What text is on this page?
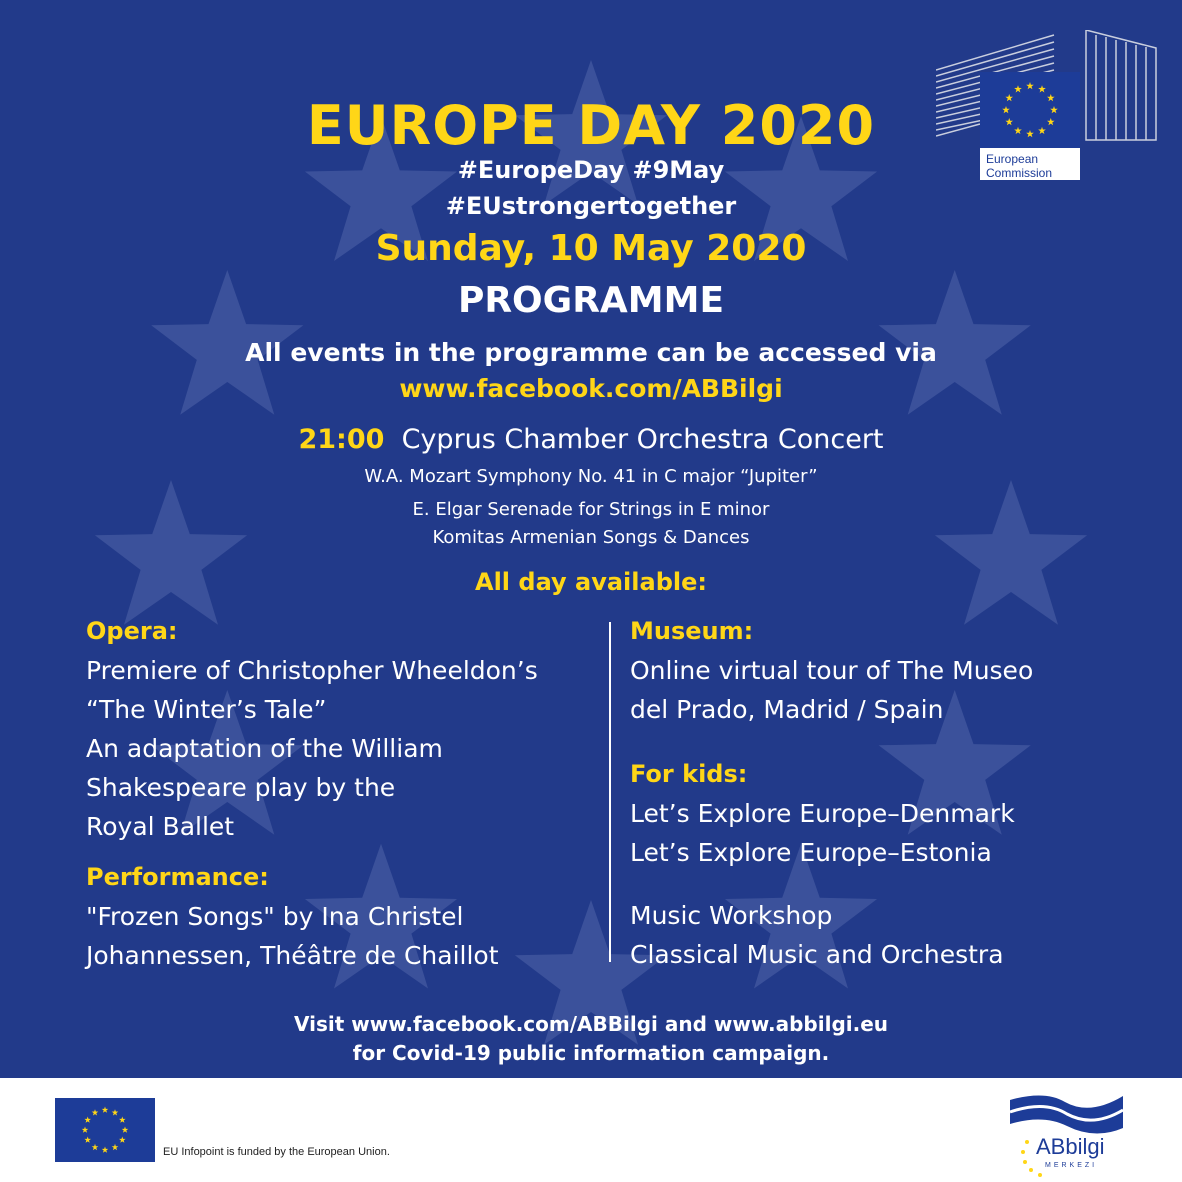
European
Commission
EUROPE DAY 2020
#EuropeDay #9May
#EUstrongertogether
Sunday, 10 May 2020
PROGRAMME
All events in the programme can be accessed via
www.facebook.com/ABBilgi
21:00 Cyprus Chamber Orchestra Concert
W.A. Mozart Symphony No. 41 in C major “Jupiter”
E. Elgar Serenade for Strings in E minor
Komitas Armenian Songs & Dances
All day available:
Opera:
Premiere of Christopher Wheeldon’s
“The Winter’s Tale”
An adaptation of the William
Shakespeare play by the
Royal Ballet
Performance:
"Frozen Songs" by Ina Christel
Johannessen, Théâtre de Chaillot
Museum:
Online virtual tour of The Museo
del Prado, Madrid / Spain
For kids:
Let’s Explore Europe–Denmark
Let’s Explore Europe–Estonia
Music Workshop
Classical Music and Orchestra
Visit www.facebook.com/ABBilgi and www.abbilgi.eu
for Covid-19 public information campaign.
EU Infopoint is funded by the European Union.	ABbilgi
MERKEZI
